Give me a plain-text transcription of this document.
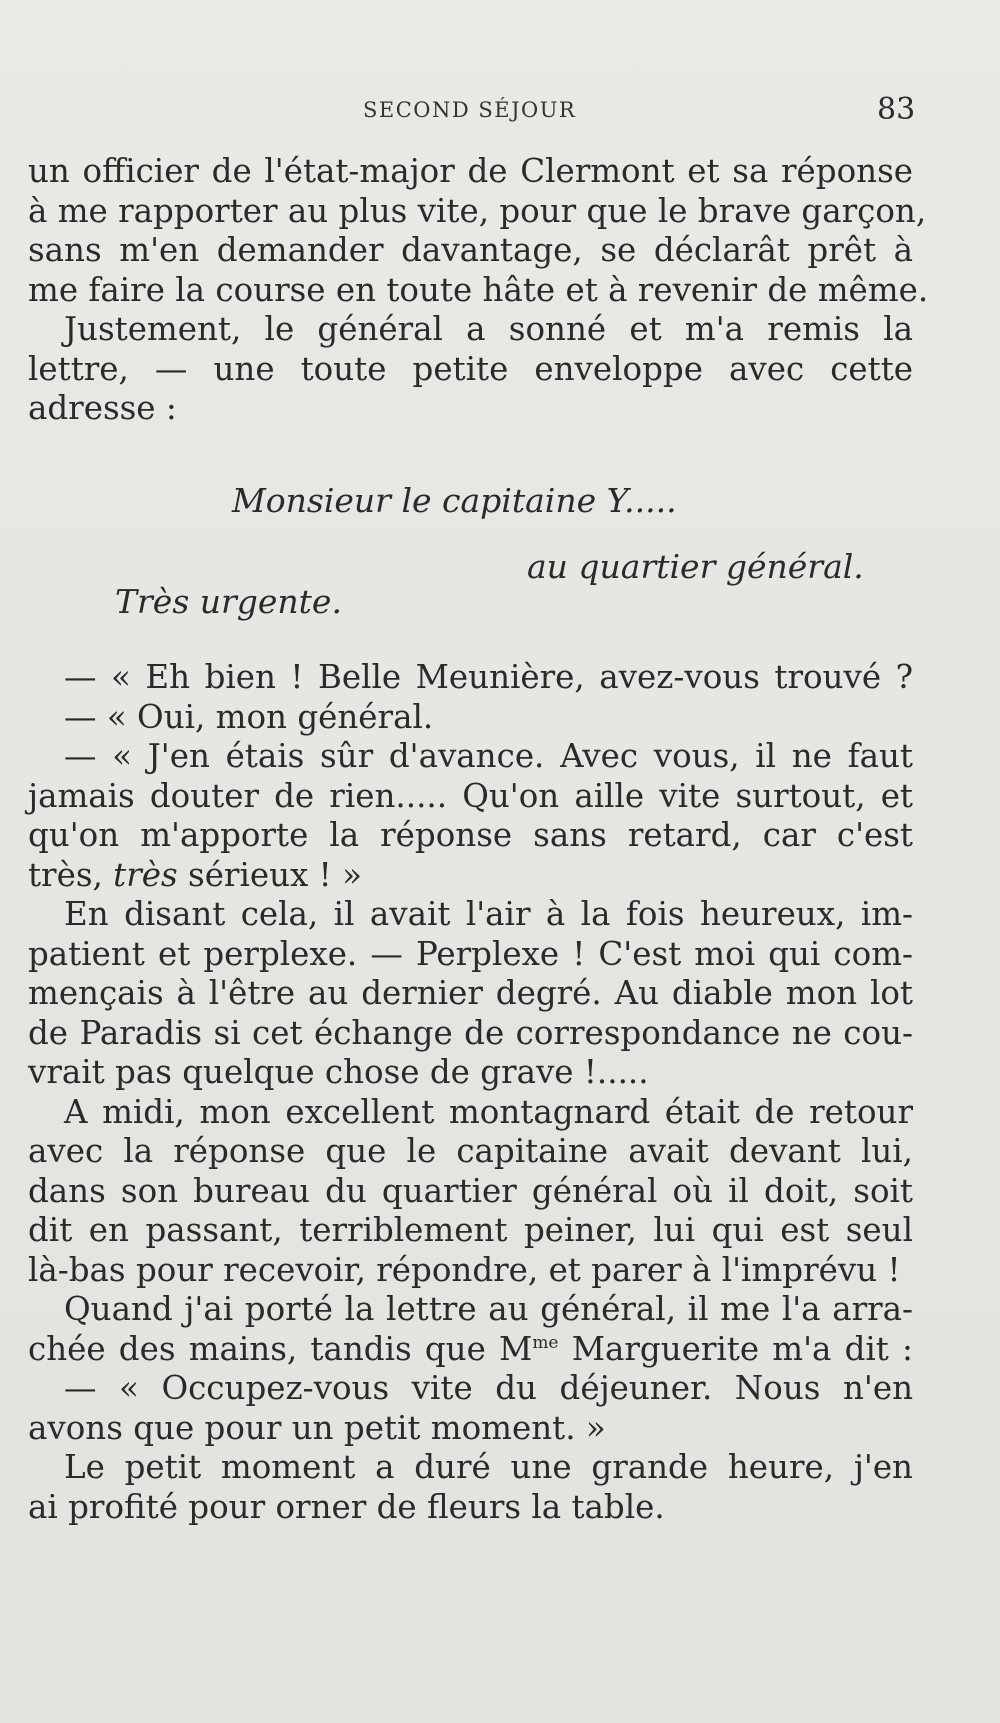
SECOND SÉJOUR	83
un officier de l'état-major de Clermont et sa réponse
à me rapporter au plus vite, pour que le brave garçon,
sans m'en demander davantage, se déclarât prêt à
me faire la course en toute hâte et à revenir de même.
Justement, le général a sonné et m'a remis la
lettre, — une toute petite enveloppe avec cette
adresse :
Monsieur le capitaine Y.....
au quartier général.
Très urgente.
— « Eh bien ! Belle Meunière, avez-vous trouvé ?
— « Oui, mon général.
— « J'en étais sûr d'avance. Avec vous, il ne faut
jamais douter de rien..... Qu'on aille vite surtout, et
qu'on m'apporte la réponse sans retard, car c'est
très, très sérieux ! »
En disant cela, il avait l'air à la fois heureux, im-
patient et perplexe. — Perplexe ! C'est moi qui com-
mençais à l'être au dernier degré. Au diable mon lot
de Paradis si cet échange de correspondance ne cou-
vrait pas quelque chose de grave !.....
A midi, mon excellent montagnard était de retour
avec la réponse que le capitaine avait devant lui,
dans son bureau du quartier général où il doit, soit
dit en passant, terriblement peiner, lui qui est seul
là-bas pour recevoir, répondre, et parer à l'imprévu !
Quand j'ai porté la lettre au général, il me l'a arra-
chée des mains, tandis que $M^{me}$ Marguerite m'a dit :
— « Occupez-vous vite du déjeuner. Nous n'en
avons que pour un petit moment. »
Le petit moment a duré une grande heure, j'en
ai profité pour orner de fleurs la table.
